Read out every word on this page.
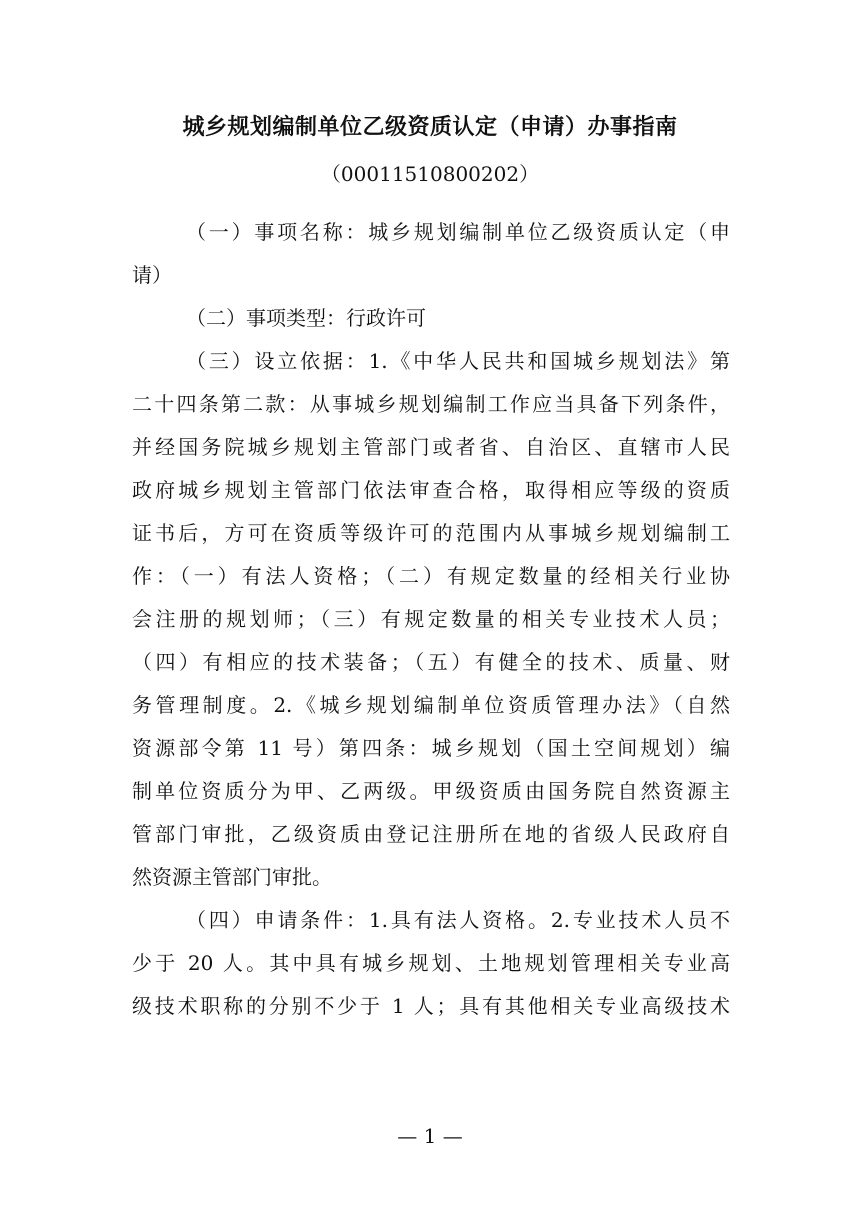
城乡规划编制单位乙级资质认定（申请）办事指南
（00011510800202）
（一）事项名称：城乡规划编制单位乙级资质认定（申
请）
（二）事项类型：行政许可
（三）设立依据：1.《中华人民共和国城乡规划法》第
二十四条第二款：从事城乡规划编制工作应当具备下列条件，
并经国务院城乡规划主管部门或者省、自治区、直辖市人民
政府城乡规划主管部门依法审查合格，取得相应等级的资质
证书后，方可在资质等级许可的范围内从事城乡规划编制工
作：（一）有法人资格；（二）有规定数量的经相关行业协
会注册的规划师；（三）有规定数量的相关专业技术人员；
（四）有相应的技术装备；（五）有健全的技术、质量、财
务管理制度。2.《城乡规划编制单位资质管理办法》（自然
资源部令第 11 号）第四条：城乡规划（国土空间规划）编
制单位资质分为甲、乙两级。甲级资质由国务院自然资源主
管部门审批，乙级资质由登记注册所在地的省级人民政府自
然资源主管部门审批。
（四）申请条件：1.具有法人资格。2.专业技术人员不
少于 20 人。其中具有城乡规划、土地规划管理相关专业高
级技术职称的分别不少于 1 人；具有其他相关专业高级技术
— 1 —
